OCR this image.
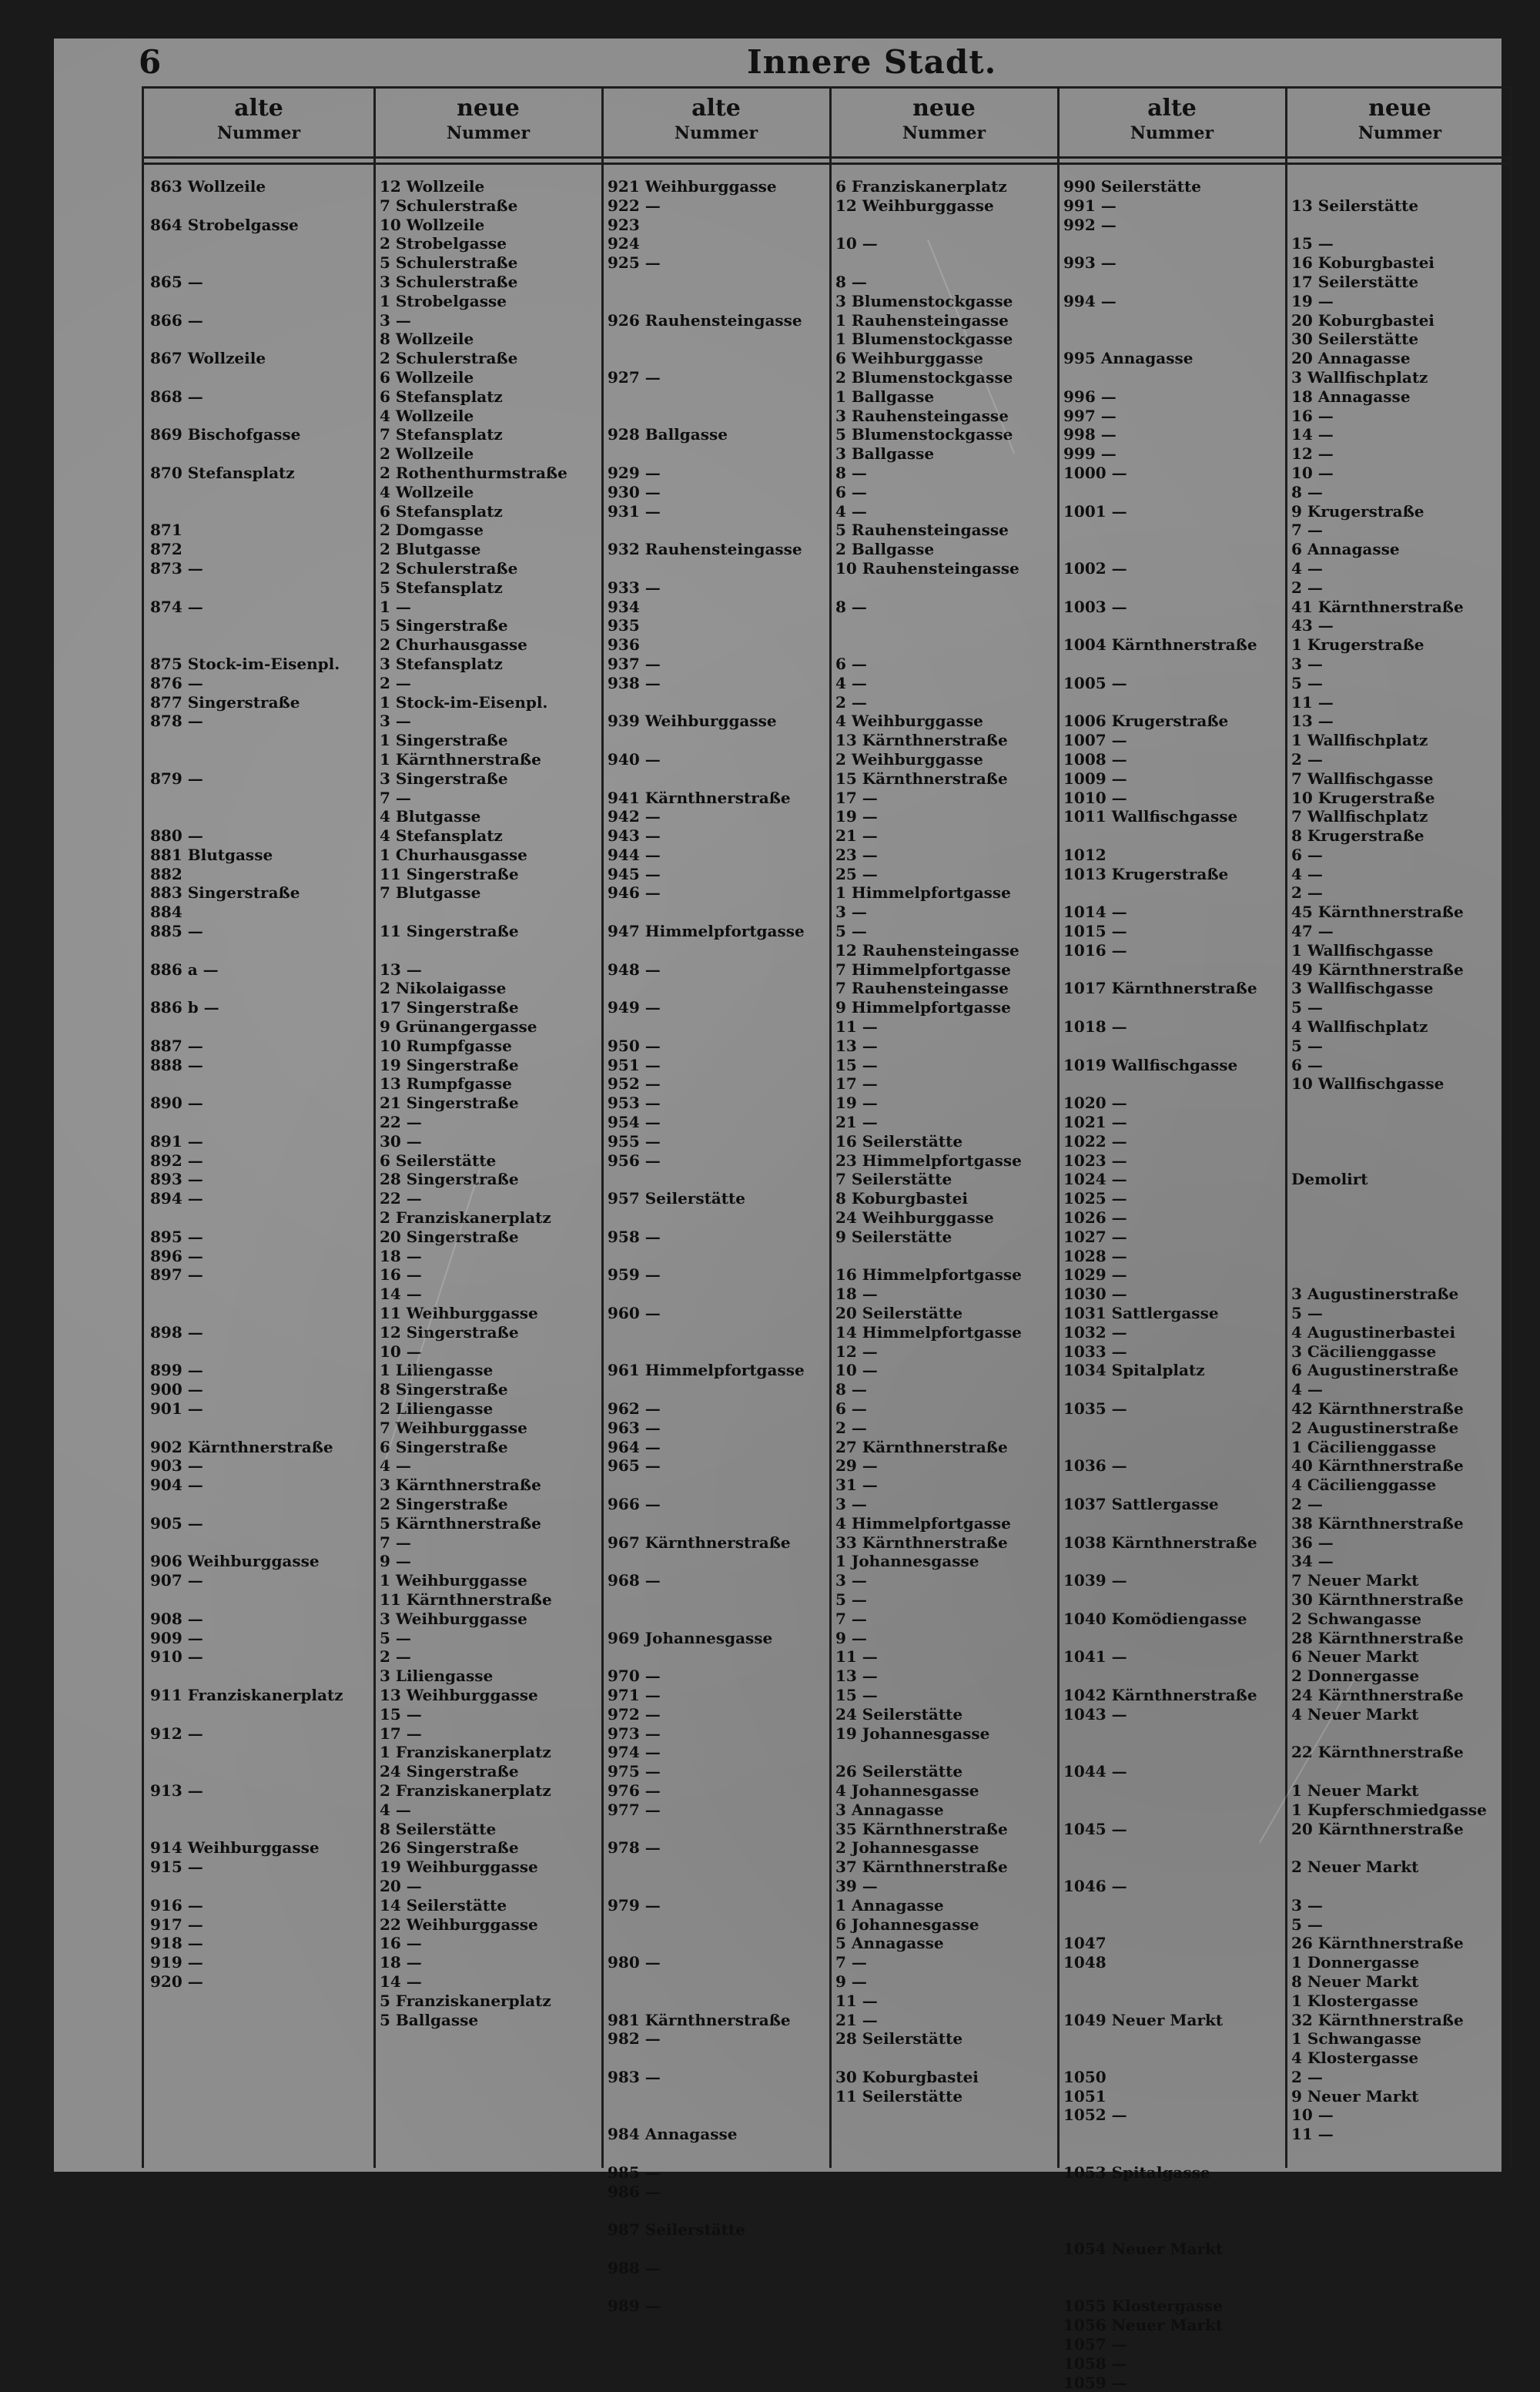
6	Innere Stadt.
alte
Nummer
863 Wollzeile
864 Strobelgasse
865 —
866 —
867 Wollzeile
868 —
869 Bischofgasse
870 Stefansplatz
871
872
873 —
874 —
875 Stock-im-Eisenpl.
876 —
877 Singerstraße
878 —
879 —
880 —
881 Blutgasse
882
883 Singerstraße
884
885 —
886 a —
886 b —
887 —
888 —
890 —
891 —
892 —
893 —
894 —
895 —
896 —
897 —
898 —
899 —
900 —
901 —
902 Kärnthnerstraße
903 —
904 —
905 —
906 Weihburggasse
907 —
908 —
909 —
910 —
911 Franziskanerplatz
912 —
913 —
914 Weihburggasse
915 —
916 —
917 —
918 —
919 —
920 —
neue
Nummer
12 Wollzeile
7 Schulerstraße
10 Wollzeile
2 Strobelgasse
5 Schulerstraße
3 Schulerstraße
1 Strobelgasse
3 —
8 Wollzeile
2 Schulerstraße
6 Wollzeile
6 Stefansplatz
4 Wollzeile
7 Stefansplatz
2 Wollzeile
2 Rothenthurmstraße
4 Wollzeile
6 Stefansplatz
2 Domgasse
2 Blutgasse
2 Schulerstraße
5 Stefansplatz
1 —
5 Singerstraße
2 Churhausgasse
3 Stefansplatz
2 —
1 Stock-im-Eisenpl.
3 —
1 Singerstraße
1 Kärnthnerstraße
3 Singerstraße
7 —
4 Blutgasse
4 Stefansplatz
1 Churhausgasse
11 Singerstraße
7 Blutgasse
11 Singerstraße
13 —
2 Nikolaigasse
17 Singerstraße
9 Grünangergasse
10 Rumpfgasse
19 Singerstraße
13 Rumpfgasse
21 Singerstraße
22 —
30 —
6 Seilerstätte
28 Singerstraße
22 —
2 Franziskanerplatz
20 Singerstraße
18 —
16 —
14 —
11 Weihburggasse
12 Singerstraße
10 —
1 Liliengasse
8 Singerstraße
2 Liliengasse
7 Weihburggasse
6 Singerstraße
4 —
3 Kärnthnerstraße
2 Singerstraße
5 Kärnthnerstraße
7 —
9 —
1 Weihburggasse
11 Kärnthnerstraße
3 Weihburggasse
5 —
2 —
3 Liliengasse
13 Weihburggasse
15 —
17 —
1 Franziskanerplatz
24 Singerstraße
2 Franziskanerplatz
4 —
8 Seilerstätte
26 Singerstraße
19 Weihburggasse
20 —
14 Seilerstätte
22 Weihburggasse
16 —
18 —
14 —
5 Franziskanerplatz
5 Ballgasse
alte
Nummer
921 Weihburggasse
922 —
923
924
925 —
926 Rauhensteingasse
927 —
928 Ballgasse
929 —
930 —
931 —
932 Rauhensteingasse
933 —
934
935
936
937 —
938 —
939 Weihburggasse
940 —
941 Kärnthnerstraße
942 —
943 —
944 —
945 —
946 —
947 Himmelpfortgasse
948 —
949 —
950 —
951 —
952 —
953 —
954 —
955 —
956 —
957 Seilerstätte
958 —
959 —
960 —
961 Himmelpfortgasse
962 —
963 —
964 —
965 —
966 —
967 Kärnthnerstraße
968 —
969 Johannesgasse
970 —
971 —
972 —
973 —
974 —
975 —
976 —
977 —
978 —
979 —
980 —
981 Kärnthnerstraße
982 —
983 —
984 Annagasse
985 —
986 —
987 Seilerstätte
988 —
989 —
neue
Nummer
6 Franziskanerplatz
12 Weihburggasse
10 —
8 —
3 Blumenstockgasse
1 Rauhensteingasse
1 Blumenstockgasse
6 Weihburggasse
2 Blumenstockgasse
1 Ballgasse
3 Rauhensteingasse
5 Blumenstockgasse
3 Ballgasse
8 —
6 —
4 —
5 Rauhensteingasse
2 Ballgasse
10 Rauhensteingasse
8 —
6 —
4 —
2 —
4 Weihburggasse
13 Kärnthnerstraße
2 Weihburggasse
15 Kärnthnerstraße
17 —
19 —
21 —
23 —
25 —
1 Himmelpfortgasse
3 —
5 —
12 Rauhensteingasse
7 Himmelpfortgasse
7 Rauhensteingasse
9 Himmelpfortgasse
11 —
13 —
15 —
17 —
19 —
21 —
16 Seilerstätte
23 Himmelpfortgasse
7 Seilerstätte
8 Koburgbastei
24 Weihburggasse
9 Seilerstätte
16 Himmelpfortgasse
18 —
20 Seilerstätte
14 Himmelpfortgasse
12 —
10 —
8 —
6 —
2 —
27 Kärnthnerstraße
29 —
31 —
3 —
4 Himmelpfortgasse
33 Kärnthnerstraße
1 Johannesgasse
3 —
5 —
7 —
9 —
11 —
13 —
15 —
24 Seilerstätte
19 Johannesgasse
26 Seilerstätte
4 Johannesgasse
3 Annagasse
35 Kärnthnerstraße
2 Johannesgasse
37 Kärnthnerstraße
39 —
1 Annagasse
6 Johannesgasse
5 Annagasse
7 —
9 —
11 —
21 —
28 Seilerstätte
30 Koburgbastei
11 Seilerstätte
alte
Nummer
990 Seilerstätte
991 —
992 —
993 —
994 —
995 Annagasse
996 —
997 —
998 —
999 —
1000 —
1001 —
1002 —
1003 —
1004 Kärnthnerstraße
1005 —
1006 Krugerstraße
1007 —
1008 —
1009 —
1010 —
1011 Wallfischgasse
1012
1013 Krugerstraße
1014 —
1015 —
1016 —
1017 Kärnthnerstraße
1018 —
1019 Wallfischgasse
1020 —
1021 —
1022 —
1023 —
1024 —
1025 —
1026 —
1027 —
1028 —
1029 —
1030 —
1031 Sattlergasse
1032 —
1033 —
1034 Spitalplatz
1035 —
1036 —
1037 Sattlergasse
1038 Kärnthnerstraße
1039 —
1040 Komödiengasse
1041 —
1042 Kärnthnerstraße
1043 —
1044 —
1045 —
1046 —
1047
1048
1049 Neuer Markt
1050
1051
1052 —
1053 Spitalgasse
1054 Neuer Markt
1055 Klostergasse
1056 Neuer Markt
1057 —
1058 —
1059 —
neue
Nummer
13 Seilerstätte
15 —
16 Koburgbastei
17 Seilerstätte
19 —
20 Koburgbastei
30 Seilerstätte
20 Annagasse
3 Wallfischplatz
18 Annagasse
16 —
14 —
12 —
10 —
8 —
9 Krugerstraße
7 —
6 Annagasse
4 —
2 —
41 Kärnthnerstraße
43 —
1 Krugerstraße
3 —
5 —
11 —
13 —
1 Wallfischplatz
2 —
7 Wallfischgasse
10 Krugerstraße
7 Wallfischplatz
8 Krugerstraße
6 —
4 —
2 —
45 Kärnthnerstraße
47 —
1 Wallfischgasse
49 Kärnthnerstraße
3 Wallfischgasse
5 —
4 Wallfischplatz
5 —
6 —
10 Wallfischgasse
Demolirt
3 Augustinerstraße
5 —
4 Augustinerbastei
3 Cäcilienggasse
6 Augustinerstraße
4 —
42 Kärnthnerstraße
2 Augustinerstraße
1 Cäcilienggasse
40 Kärnthnerstraße
4 Cäcilienggasse
2 —
38 Kärnthnerstraße
36 —
34 —
7 Neuer Markt
30 Kärnthnerstraße
2 Schwangasse
28 Kärnthnerstraße
6 Neuer Markt
2 Donnergasse
24 Kärnthnerstraße
4 Neuer Markt
22 Kärnthnerstraße
1 Neuer Markt
1 Kupferschmiedgasse
20 Kärnthnerstraße
2 Neuer Markt
3 —
5 —
26 Kärnthnerstraße
1 Donnergasse
8 Neuer Markt
1 Klostergasse
32 Kärnthnerstraße
1 Schwangasse
4 Klostergasse
2 —
9 Neuer Markt
10 —
11 —
